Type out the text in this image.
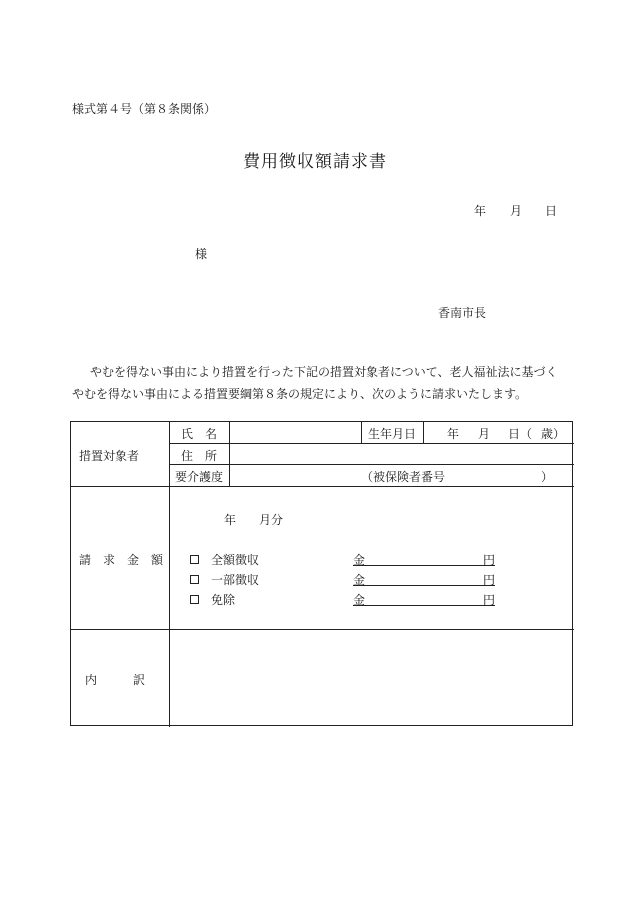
様式第４号（第８条関係）
費用徴収額請求書
年 月 日
様
香南市長
やむを得ない事由により措置を行った下記の措置対象者について、老人福祉法に基づく
やむを得ない事由による措置要綱第８条の規定により、次のように請求いたします。
措置対象者
氏　名	生年月日	年 月 日（ 歳）
住　所
要介護度	（被保険者番号	）
請　求　金　額
年 月分
全額徴収	金	円
一部徴収	金	円
免除	金	円
内　　　訳
